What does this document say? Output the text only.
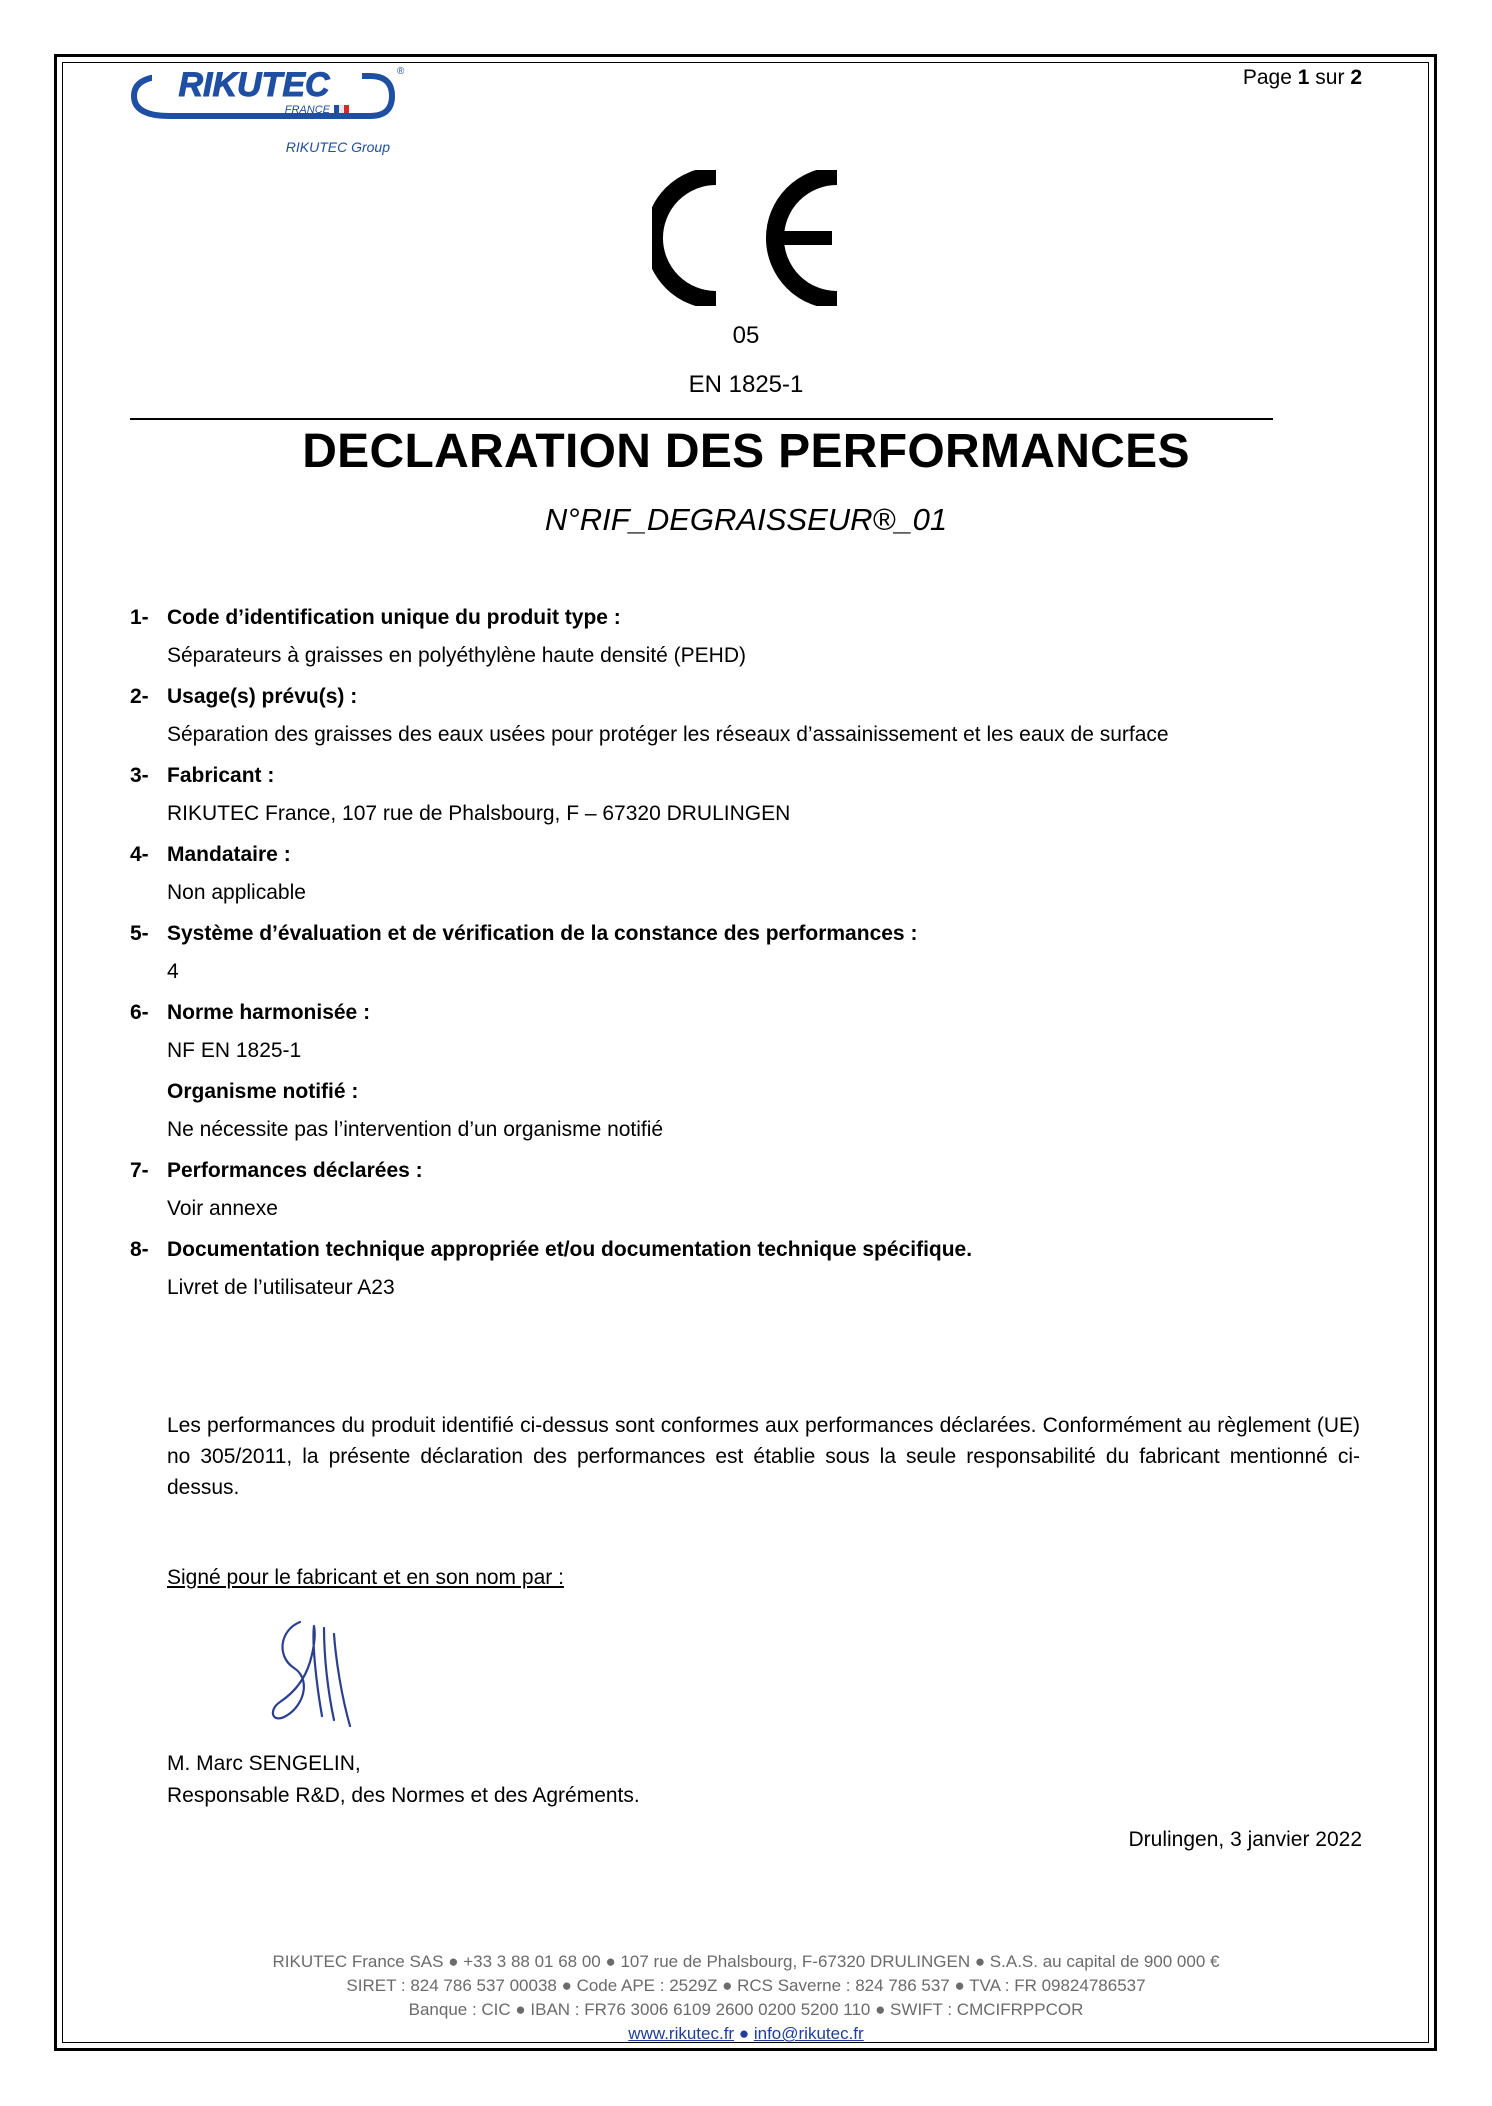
RIKUTEC	®
FRANCE
RIKUTEC Group
Page 1 sur 2
05
EN 1825-1
DECLARATION DES PERFORMANCES
N°RIF_DEGRAISSEUR®_01
1- Code d’identification unique du produit type :
Séparateurs à graisses en polyéthylène haute densité (PEHD)
2- Usage(s) prévu(s) :
Séparation des graisses des eaux usées pour protéger les réseaux d’assainissement et les eaux de surface
3- Fabricant :
RIKUTEC France, 107 rue de Phalsbourg, F – 67320 DRULINGEN
4- Mandataire :
Non applicable
5- Système d’évaluation et de vérification de la constance des performances :
4
6- Norme harmonisée :
NF EN 1825-1
Organisme notifié :
Ne nécessite pas l’intervention d’un organisme notifié
7- Performances déclarées :
Voir annexe
8- Documentation technique appropriée et/ou documentation technique spécifique.
Livret de l’utilisateur A23
Les performances du produit identifié ci-dessus sont conformes aux performances déclarées. Conformément au règlement (UE) no 305/2011, la présente déclaration des performances est établie sous la seule responsabilité du fabricant mentionné ci-dessus.
Signé pour le fabricant et en son nom par :
M. Marc SENGELIN,
Responsable R&D, des Normes et des Agréments.
Drulingen, 3 janvier 2022
RIKUTEC France SAS ● +33 3 88 01 68 00 ● 107 rue de Phalsbourg, F-67320 DRULINGEN ● S.A.S. au capital de 900 000 €
SIRET : 824 786 537 00038 ● Code APE : 2529Z ● RCS Saverne : 824 786 537 ● TVA : FR 09824786537
Banque : CIC ● IBAN : FR76 3006 6109 2600 0200 5200 110 ● SWIFT : CMCIFRPPCOR
www.rikutec.fr ● info@rikutec.fr
